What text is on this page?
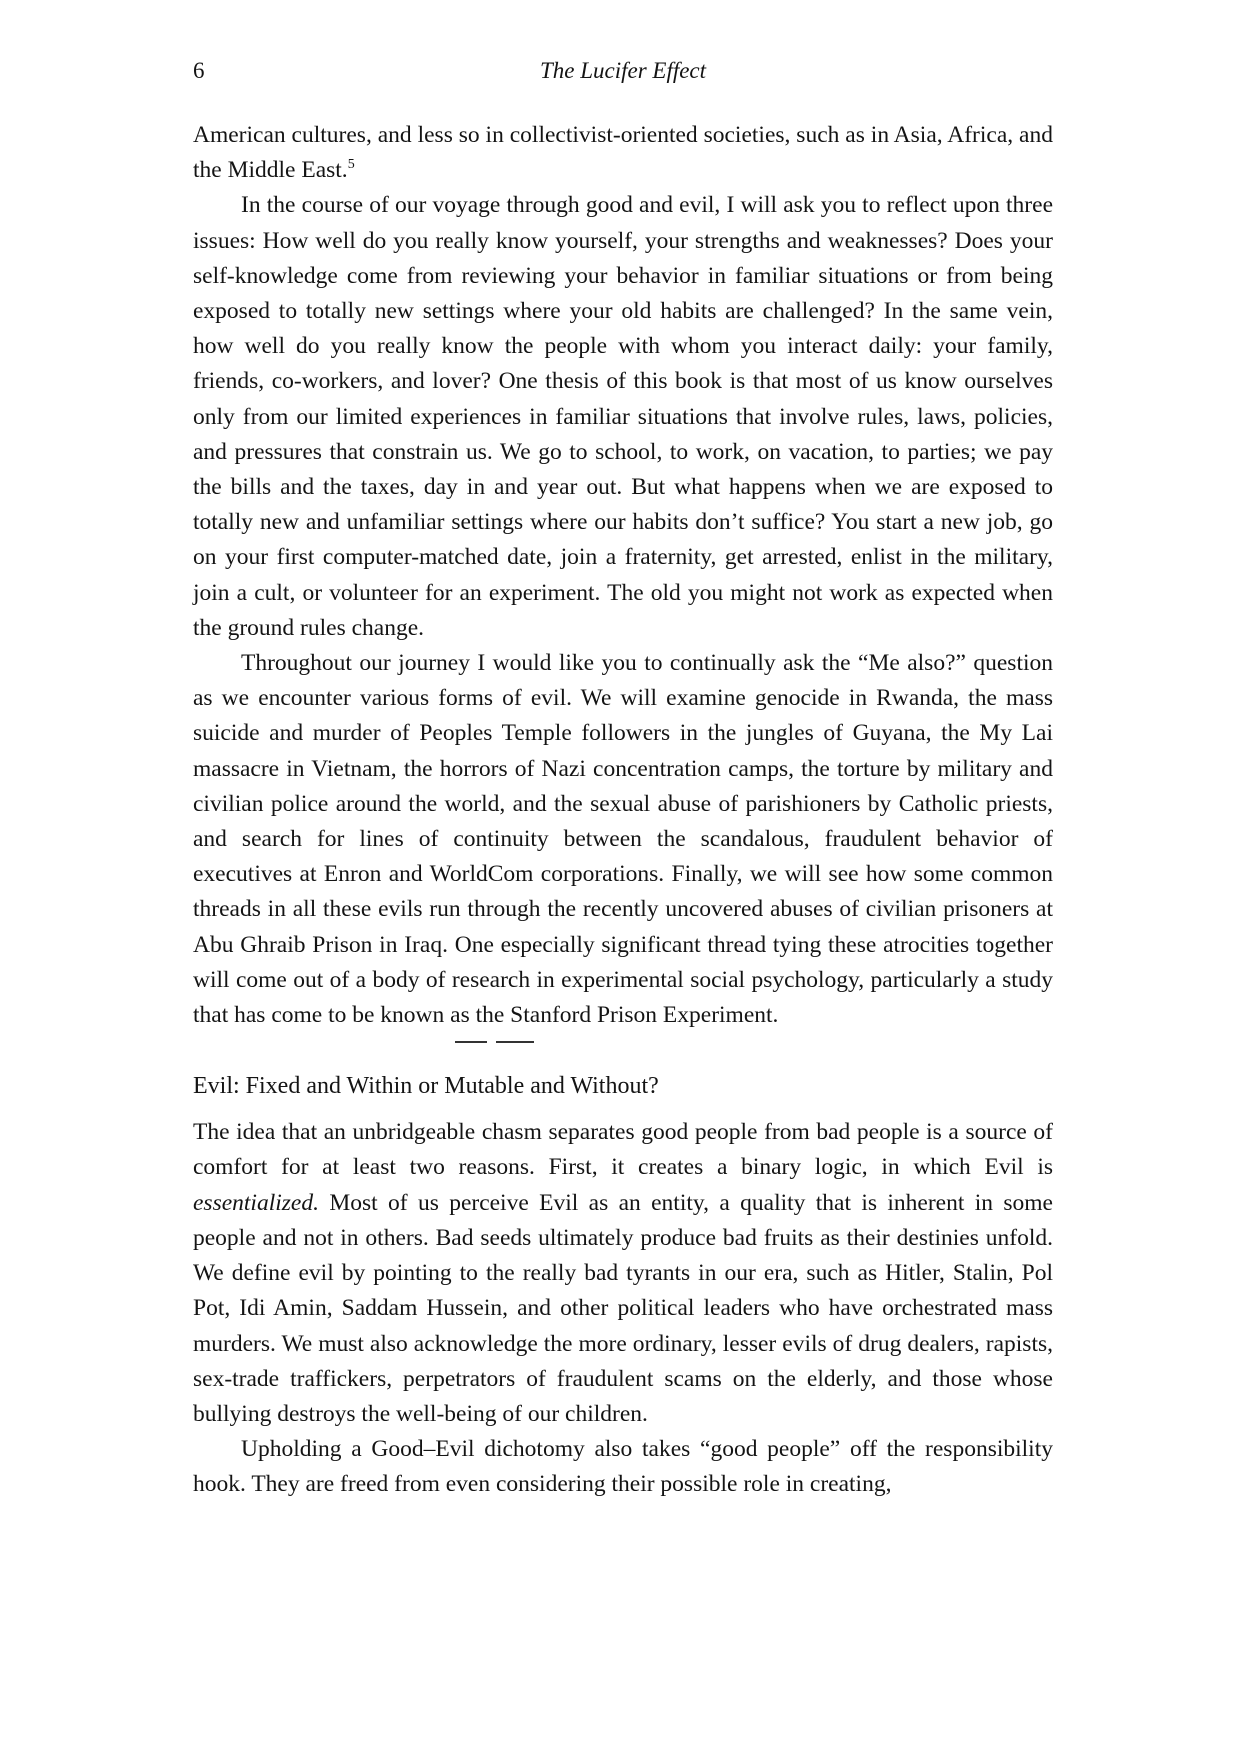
6	The Lucifer Effect

American cultures, and less so in collectivist-oriented societies, such as in Asia, Africa, and the Middle East.$^5$

In the course of our voyage through good and evil, I will ask you to reflect upon three issues: How well do you really know yourself, your strengths and weaknesses? Does your self-knowledge come from reviewing your behavior in familiar situations or from being exposed to totally new settings where your old habits are challenged? In the same vein, how well do you really know the people with whom you interact daily: your family, friends, co-workers, and lover? One thesis of this book is that most of us know ourselves only from our limited experiences in familiar situations that involve rules, laws, policies, and pressures that constrain us. We go to school, to work, on vacation, to parties; we pay the bills and the taxes, day in and year out. But what happens when we are exposed to totally new and unfamiliar settings where our habits don’t suffice? You start a new job, go on your first computer-matched date, join a fraternity, get arrested, enlist in the military, join a cult, or volunteer for an experiment. The old you might not work as expected when the ground rules change.

Throughout our journey I would like you to continually ask the “Me also?” question as we encounter various forms of evil. We will examine genocide in Rwanda, the mass suicide and murder of Peoples Temple followers in the jungles of Guyana, the My Lai massacre in Vietnam, the horrors of Nazi concentration camps, the torture by military and civilian police around the world, and the sexual abuse of parishioners by Catholic priests, and search for lines of continuity between the scandalous, fraudulent behavior of executives at Enron and WorldCom corporations. Finally, we will see how some common threads in all these evils run through the recently uncovered abuses of civilian prisoners at Abu Ghraib Prison in Iraq. One especially significant thread tying these atrocities together will come out of a body of research in experimental social psychology, particularly a study that has come to be known as the Stanford Prison Experiment.

Evil: Fixed and Within or Mutable and Without?

The idea that an unbridgeable chasm separates good people from bad people is a source of comfort for at least two reasons. First, it creates a binary logic, in which Evil is essentialized. Most of us perceive Evil as an entity, a quality that is inherent in some people and not in others. Bad seeds ultimately produce bad fruits as their destinies unfold. We define evil by pointing to the really bad tyrants in our era, such as Hitler, Stalin, Pol Pot, Idi Amin, Saddam Hussein, and other political leaders who have orchestrated mass murders. We must also acknowledge the more ordinary, lesser evils of drug dealers, rapists, sex-trade traffickers, perpetrators of fraudulent scams on the elderly, and those whose bullying destroys the well-being of our children.

Upholding a Good–Evil dichotomy also takes “good people” off the responsibility hook. They are freed from even considering their possible role in creating,
